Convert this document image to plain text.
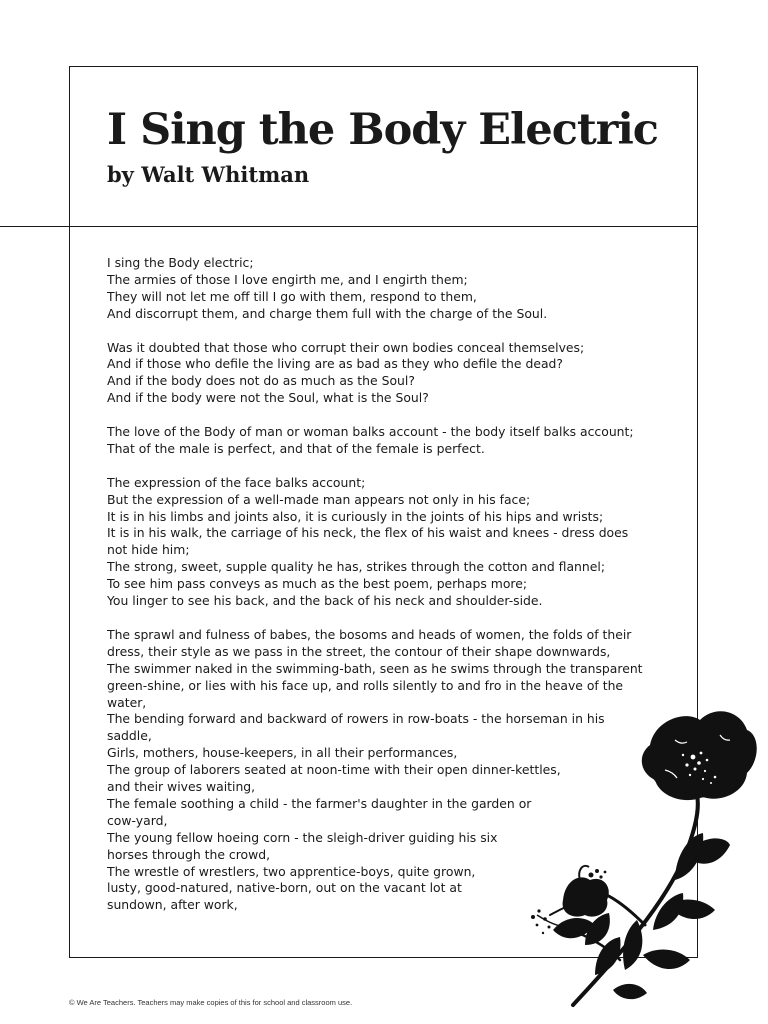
I Sing the Body Electric
by Walt Whitman
I sing the Body electric;
The armies of those I love engirth me, and I engirth them;
They will not let me off till I go with them, respond to them,
And discorrupt them, and charge them full with the charge of the Soul.
Was it doubted that those who corrupt their own bodies conceal themselves;
And if those who defile the living are as bad as they who defile the dead?
And if the body does not do as much as the Soul?
And if the body were not the Soul, what is the Soul?
The love of the Body of man or woman balks account - the body itself balks account;
That of the male is perfect, and that of the female is perfect.
The expression of the face balks account;
But the expression of a well-made man appears not only in his face;
It is in his limbs and joints also, it is curiously in the joints of his hips and wrists;
It is in his walk, the carriage of his neck, the flex of his waist and knees - dress does
not hide him;
The strong, sweet, supple quality he has, strikes through the cotton and flannel;
To see him pass conveys as much as the best poem, perhaps more;
You linger to see his back, and the back of his neck and shoulder-side.
The sprawl and fulness of babes, the bosoms and heads of women, the folds of their
dress, their style as we pass in the street, the contour of their shape downwards,
The swimmer naked in the swimming-bath, seen as he swims through the transparent
green-shine, or lies with his face up, and rolls silently to and fro in the heave of the
water,
The bending forward and backward of rowers in row-boats - the horseman in his
saddle,
Girls, mothers, house-keepers, in all their performances,
The group of laborers seated at noon-time with their open dinner-kettles,
and their wives waiting,
The female soothing a child - the farmer's daughter in the garden or
cow-yard,
The young fellow hoeing corn - the sleigh-driver guiding his six
horses through the crowd,
The wrestle of wrestlers, two apprentice-boys, quite grown,
lusty, good-natured, native-born, out on the vacant lot at
sundown, after work,
© We Are Teachers. Teachers may make copies of this for school and classroom use.
